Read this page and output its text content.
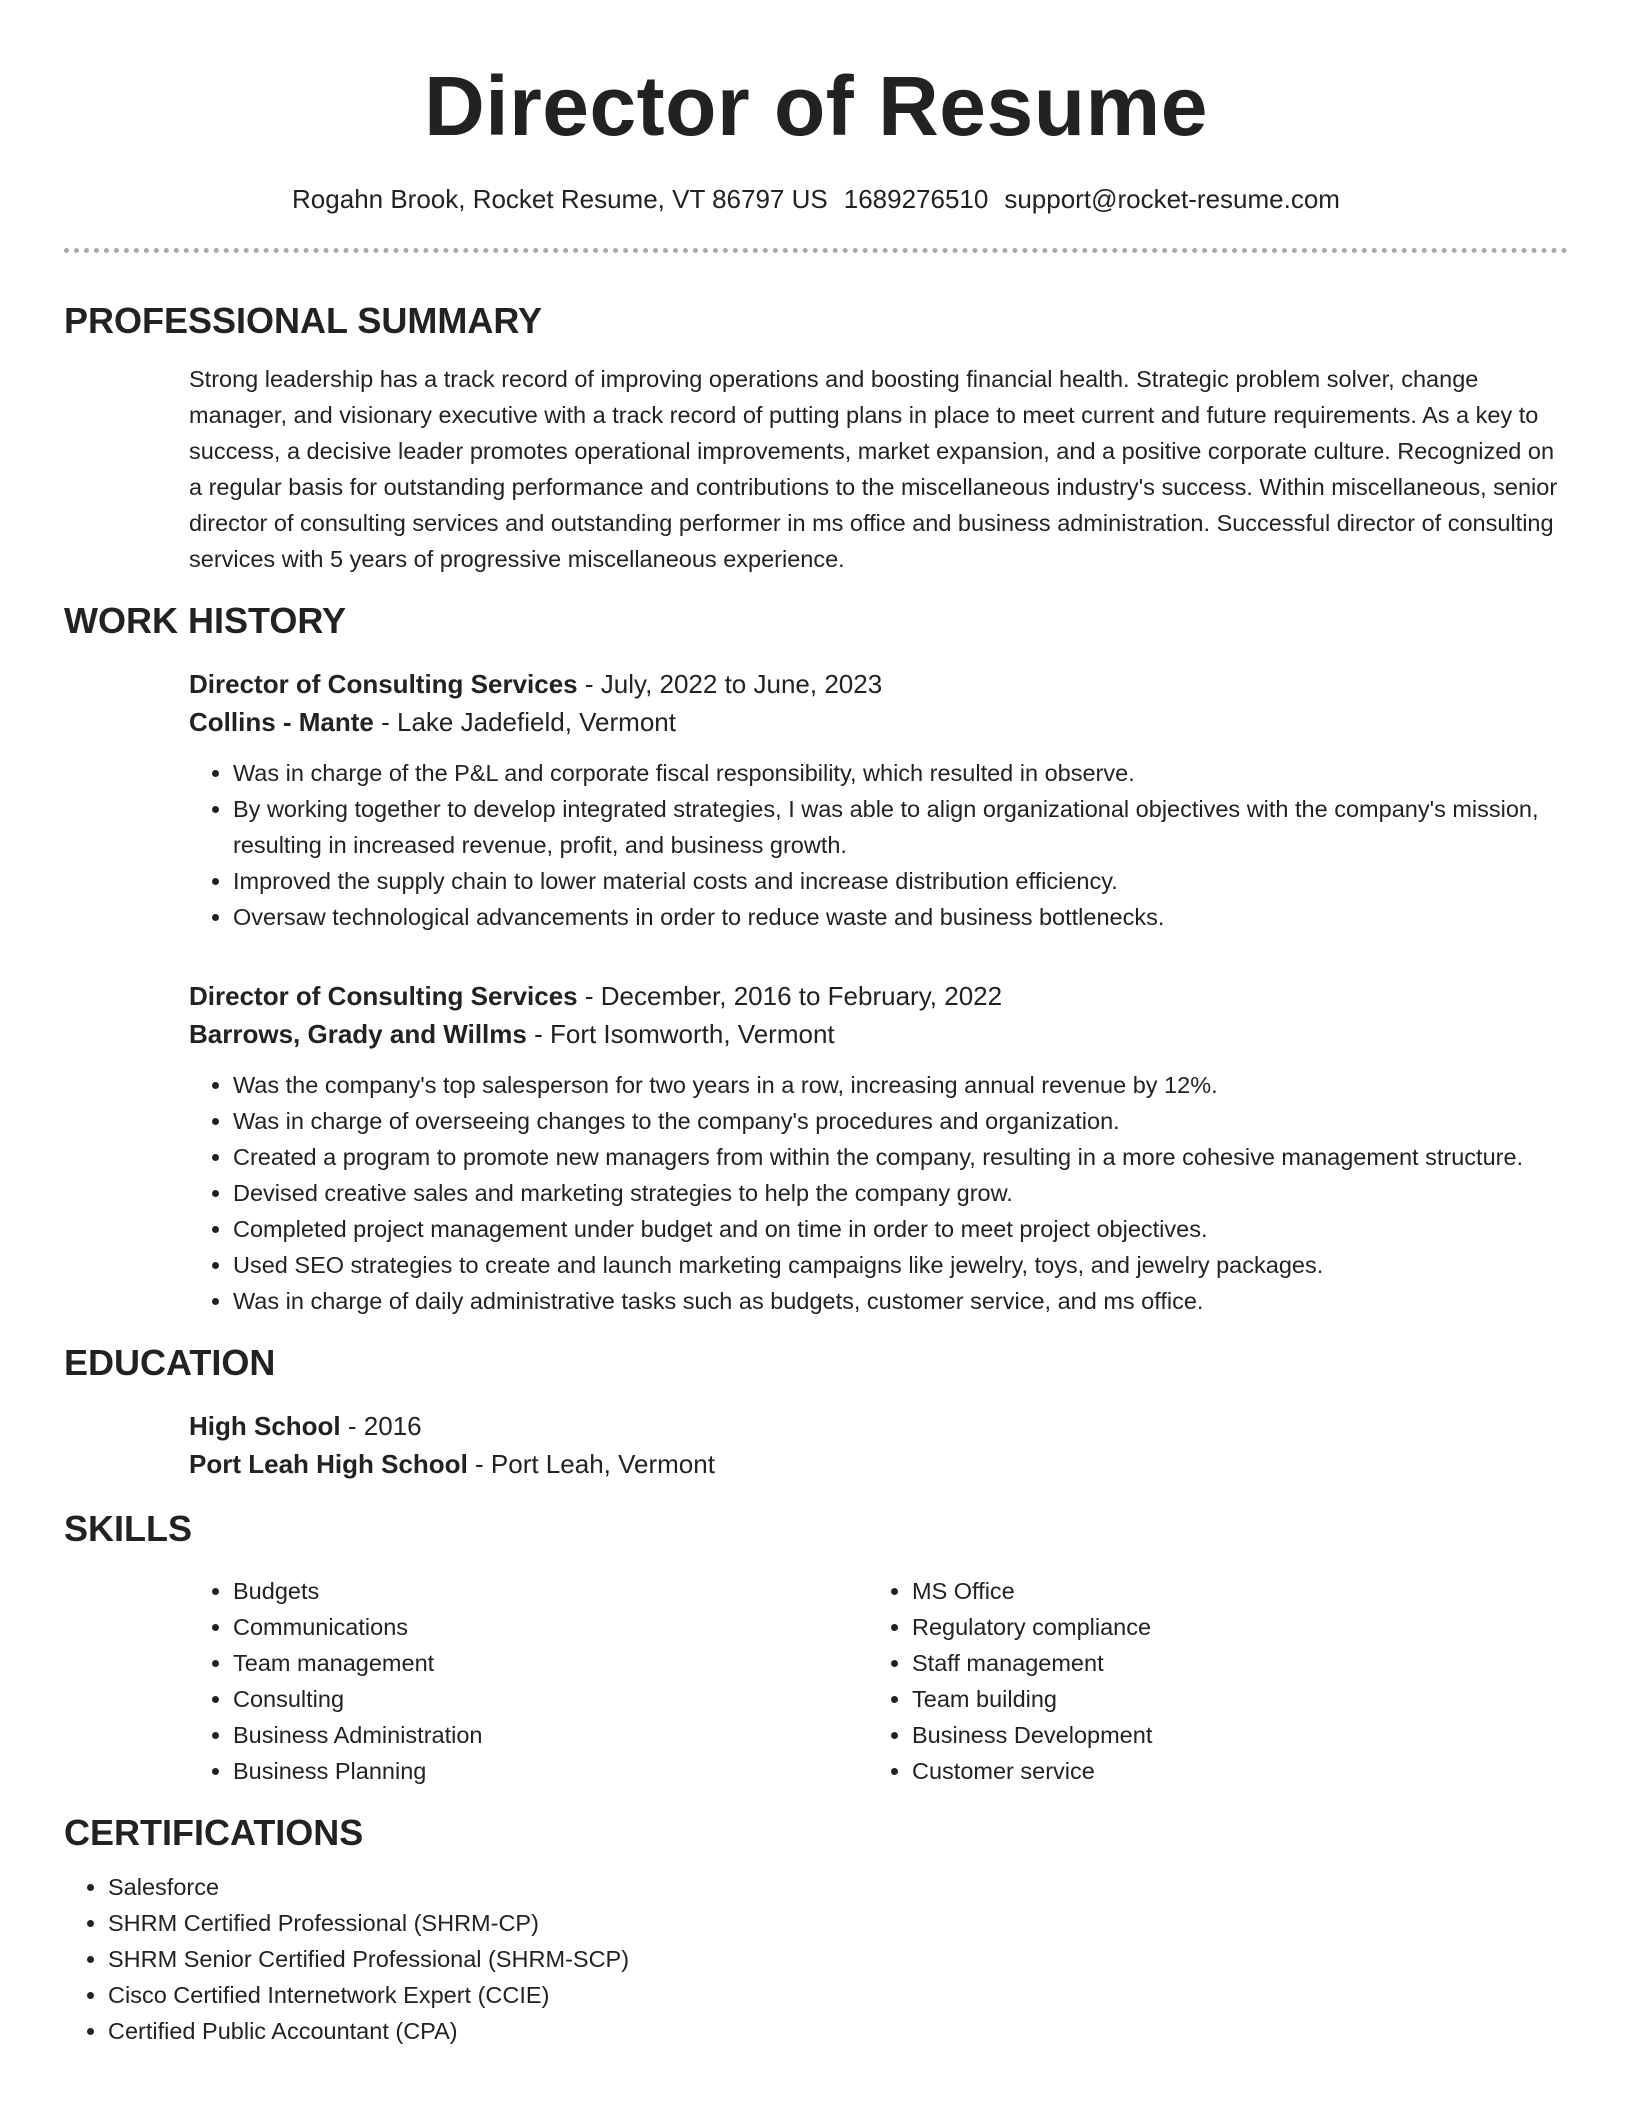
Director of Resume
Rogahn Brook, Rocket Resume, VT 86797 US 1689276510 support@rocket-resume.com
PROFESSIONAL SUMMARY
Strong leadership has a track record of improving operations and boosting financial health. Strategic problem solver, change manager, and visionary executive with a track record of putting plans in place to meet current and future requirements. As a key to success, a decisive leader promotes operational improvements, market expansion, and a positive corporate culture. Recognized on a regular basis for outstanding performance and contributions to the miscellaneous industry's success. Within miscellaneous, senior director of consulting services and outstanding performer in ms office and business administration. Successful director of consulting services with 5 years of progressive miscellaneous experience.
WORK HISTORY
Director of Consulting Services - July, 2022 to June, 2023
Collins - Mante - Lake Jadefield, Vermont
• Was in charge of the P&L and corporate fiscal responsibility, which resulted in observe.
• By working together to develop integrated strategies, I was able to align organizational objectives with the company's mission, resulting in increased revenue, profit, and business growth.
• Improved the supply chain to lower material costs and increase distribution efficiency.
• Oversaw technological advancements in order to reduce waste and business bottlenecks.
Director of Consulting Services - December, 2016 to February, 2022
Barrows, Grady and Willms - Fort Isomworth, Vermont
• Was the company's top salesperson for two years in a row, increasing annual revenue by 12%.
• Was in charge of overseeing changes to the company's procedures and organization.
• Created a program to promote new managers from within the company, resulting in a more cohesive management structure.
• Devised creative sales and marketing strategies to help the company grow.
• Completed project management under budget and on time in order to meet project objectives.
• Used SEO strategies to create and launch marketing campaigns like jewelry, toys, and jewelry packages.
• Was in charge of daily administrative tasks such as budgets, customer service, and ms office.
EDUCATION
High School - 2016
Port Leah High School - Port Leah, Vermont
SKILLS
• Budgets
• Communications
• Team management
• Consulting
• Business Administration
• Business Planning
• MS Office
• Regulatory compliance
• Staff management
• Team building
• Business Development
• Customer service
CERTIFICATIONS
• Salesforce
• SHRM Certified Professional (SHRM-CP)
• SHRM Senior Certified Professional (SHRM-SCP)
• Cisco Certified Internetwork Expert (CCIE)
• Certified Public Accountant (CPA)
